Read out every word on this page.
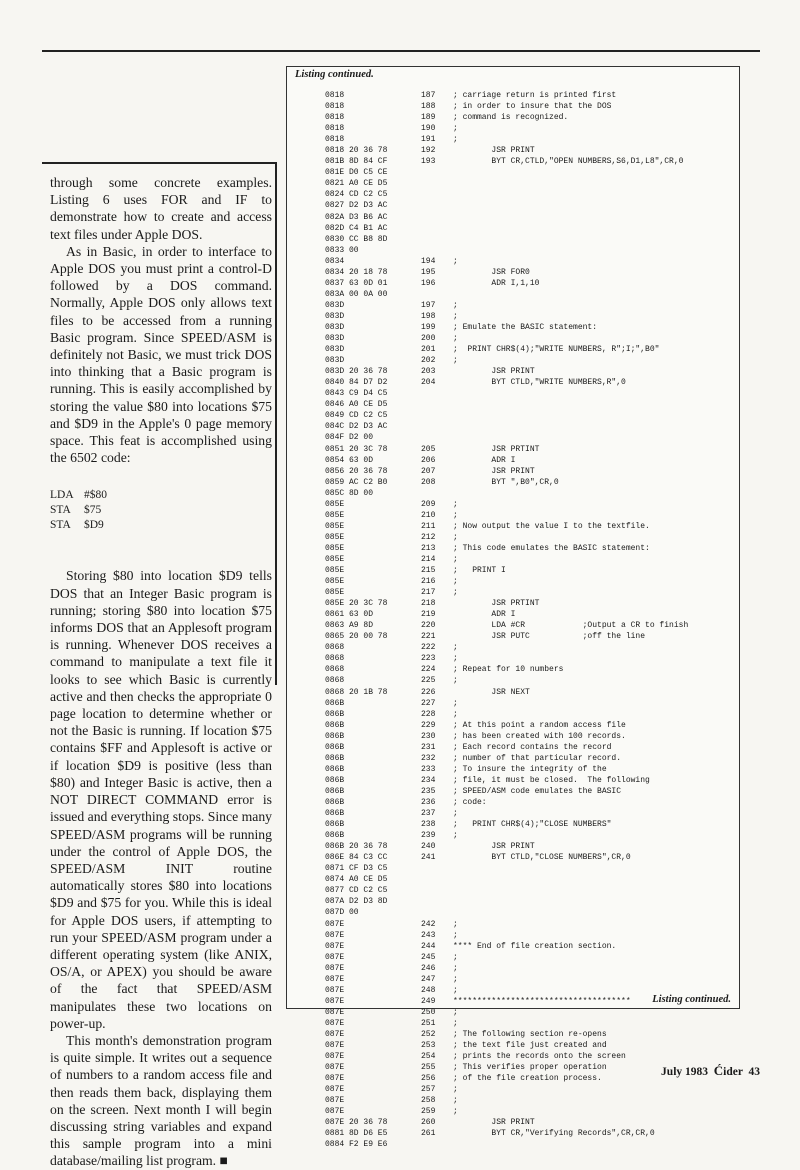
through some concrete examples. Listing 6 uses FOR and IF to demonstrate how to create and access text files under Apple DOS.

As in Basic, in order to interface to Apple DOS you must print a control-D followed by a DOS command. Normally, Apple DOS only allows text files to be accessed from a running Basic program. Since SPEED/ASM is definitely not Basic, we must trick DOS into thinking that a Basic program is running. This is easily accomplished by storing the value $80 into locations $75 and $D9 in the Apple's 0 page memory space. This feat is accomplished using the 6502 code:

LDA #$80
STA $75
STA $D9

Storing $80 into location $D9 tells DOS that an Integer Basic program is running; storing $80 into location $75 informs DOS that an Applesoft program is running. Whenever DOS receives a command to manipulate a text file it looks to see which Basic is currently active and then checks the appropriate 0 page location to determine whether or not the Basic is running. If location $75 contains $FF and Applesoft is active or if location $D9 is positive (less than $80) and Integer Basic is active, then a NOT DIRECT COMMAND error is issued and everything stops. Since many SPEED/ASM programs will be running under the control of Apple DOS, the SPEED/ASM INIT routine automatically stores $80 into locations $D9 and $75 for you. While this is ideal for Apple DOS users, if attempting to run your SPEED/ASM program under a different operating system (like ANIX, OS/A, or APEX) you should be aware of the fact that SPEED/ASM manipulates these two locations on power-up.

This month's demonstration program is quite simple. It writes out a sequence of numbers to a random access file and then reads them back, displaying them on the screen. Next month I will begin discussing string variables and expand this sample program into a mini database/mailing list program. ■

Listing continued.
0818	187 ; carriage return is printed first
0818	188 ; in order to insure that the DOS
0818	189 ; command is recognized.
0818	190 ;
0818	191 ;
0818 20 36 78	192 JSR PRINT
081B 8D 84 CF	193 BYT CR,CTLD,"OPEN NUMBERS,S6,D1,L8",CR,0
081E D0 C5 CE
0821 A0 CE D5
0824 CD C2 C5
0827 D2 D3 AC
082A D3 B6 AC
082D C4 B1 AC
0830 CC B8 8D
0833 00
0834	194 ;
0834 20 18 78	195 JSR FOR0
0837 63 0D 01	196 ADR I,1,10
083A 00 0A 00
083D	197 ;
083D	198 ;
083D	199 ; Emulate the BASIC statement:
083D	200 ;
083D	201 ;  PRINT CHR$(4);"WRITE NUMBERS, R";I;",B0"
083D	202 ;
083D 20 36 78	203 JSR PRINT
0840 84 D7 D2	204 BYT CTLD,"WRITE NUMBERS,R",0
0843 C9 D4 C5
0846 A0 CE D5
0849 CD C2 C5
084C D2 D3 AC
084F D2 00
0851 20 3C 78	205 JSR PRTINT
0854 63 0D	206 ADR I
0856 20 36 78	207 JSR PRINT
0859 AC C2 B0	208 BYT ",B0",CR,0
085C 8D 00
085E	209 ;
085E	210 ;
085E	211 ; Now output the value I to the textfile.
085E	212 ;
085E	213 ; This code emulates the BASIC statement:
085E	214 ;
085E	215 ;   PRINT I
085E	216 ;
085E	217 ;
085E 20 3C 78	218 JSR PRTINT
0861 63 0D	219 ADR I
0863 A9 8D	220 LDA #CR            ;Output a CR to finish
0865 20 00 78	221 JSR PUTC           ;off the line
0868	222 ;
0868	223 ;
0868	224 ; Repeat for 10 numbers
0868	225 ;
0868 20 1B 78	226 JSR NEXT
086B	227 ;
086B	228 ;
086B	229 ; At this point a random access file
086B	230 ; has been created with 100 records.
086B	231 ; Each record contains the record
086B	232 ; number of that particular record.
086B	233 ; To insure the integrity of the
086B	234 ; file, it must be closed.  The following
086B	235 ; SPEED/ASM code emulates the BASIC
086B	236 ; code:
086B	237 ;
086B	238 ;   PRINT CHR$(4);"CLOSE NUMBERS"
086B	239 ;
086B 20 36 78	240 JSR PRINT
086E 84 C3 CC	241 BYT CTLD,"CLOSE NUMBERS",CR,0
0871 CF D3 C5
0874 A0 CE D5
0877 CD C2 C5
087A D2 D3 8D
087D 00
087E	242 ;
087E	243 ;
087E	244 **** End of file creation section.
087E	245 ;
087E	246 ;
087E	247 ;
087E	248 ;
087E	249 *************************************
087E	250 ;
087E	251 ;
087E	252 ; The following section re-opens
087E	253 ; the text file just created and
087E	254 ; prints the records onto the screen
087E	255 ; This verifies proper operation
087E	256 ; of the file creation process.
087E	257 ;
087E	258 ;
087E	259 ;
087E 20 36 78	260 JSR PRINT
0881 8D D6 E5	261 BYT CR,"Verifying Records",CR,CR,0
0884 F2 E9 E6
Listing continued.
July 1983 Ćider 43
